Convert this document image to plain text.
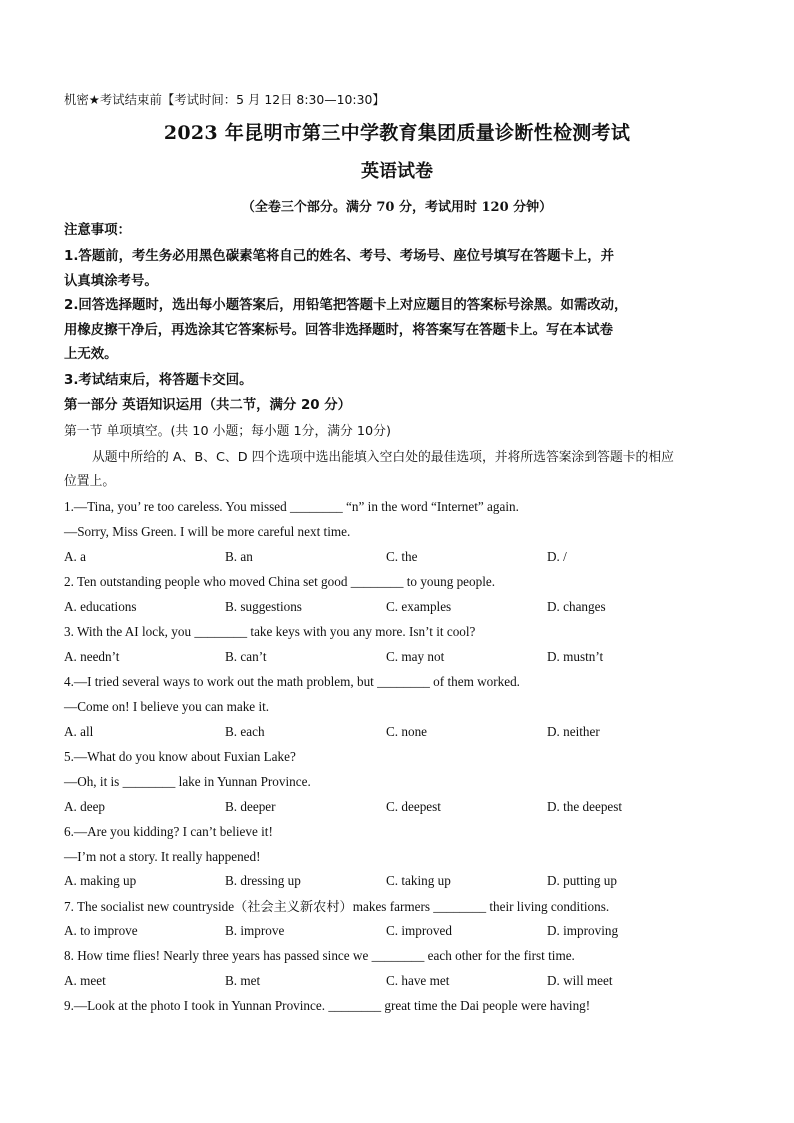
机密★考试结束前【考试时间：5 月 12日 8:30—10:30】
2023 年昆明市第三中学教育集团质量诊断性检测考试
英语试卷
（全卷三个部分。满分 70 分，考试用时 120 分钟）
注意事项：
1.答题前，考生务必用黑色碳素笔将自己的姓名、考号、考场号、座位号填写在答题卡上，并
认真填涂考号。
2.回答选择题时，选出每小题答案后，用铅笔把答题卡上对应题目的答案标号涂黑。如需改动，
用橡皮擦干净后，再选涂其它答案标号。回答非选择题时，将答案写在答题卡上。写在本试卷
上无效。
3.考试结束后，将答题卡交回。
第一部分 英语知识运用（共二节，满分 20 分）
第一节 单项填空。(共 10 小题；每小题 1分，满分 10分)
从题中所给的 A、B、C、D 四个选项中选出能填入空白处的最佳选项，并将所选答案涂到答题卡的相应
位置上。
1.—Tina, you’ re too careless. You missed ________ “n” in the word “Internet” again.
—Sorry, Miss Green. I will be more careful next time.
A. a	B. an	C. the	D. /
2. Ten outstanding people who moved China set good ________ to young people.
A. educations	B. suggestions	C. examples	D. changes
3. With the AI lock, you ________ take keys with you any more. Isn’t it cool?
A. needn’t	B. can’t	C. may not	D. mustn’t
4.—I tried several ways to work out the math problem, but ________ of them worked.
—Come on! I believe you can make it.
A. all	B. each	C. none	D. neither
5.—What do you know about Fuxian Lake?
—Oh, it is ________ lake in Yunnan Province.
A. deep	B. deeper	C. deepest	D. the deepest
6.—Are you kidding? I can’t believe it!
—I’m not a story. It really happened!
A. making up	B. dressing up	C. taking up	D. putting up
7. The socialist new countryside（社会主义新农村）makes farmers ________ their living conditions.
A. to improve	B. improve	C. improved	D. improving
8. How time flies! Nearly three years has passed since we ________ each other for the first time.
A. meet	B. met	C. have met	D. will meet
9.—Look at the photo I took in Yunnan Province. ________ great time the Dai people were having!
